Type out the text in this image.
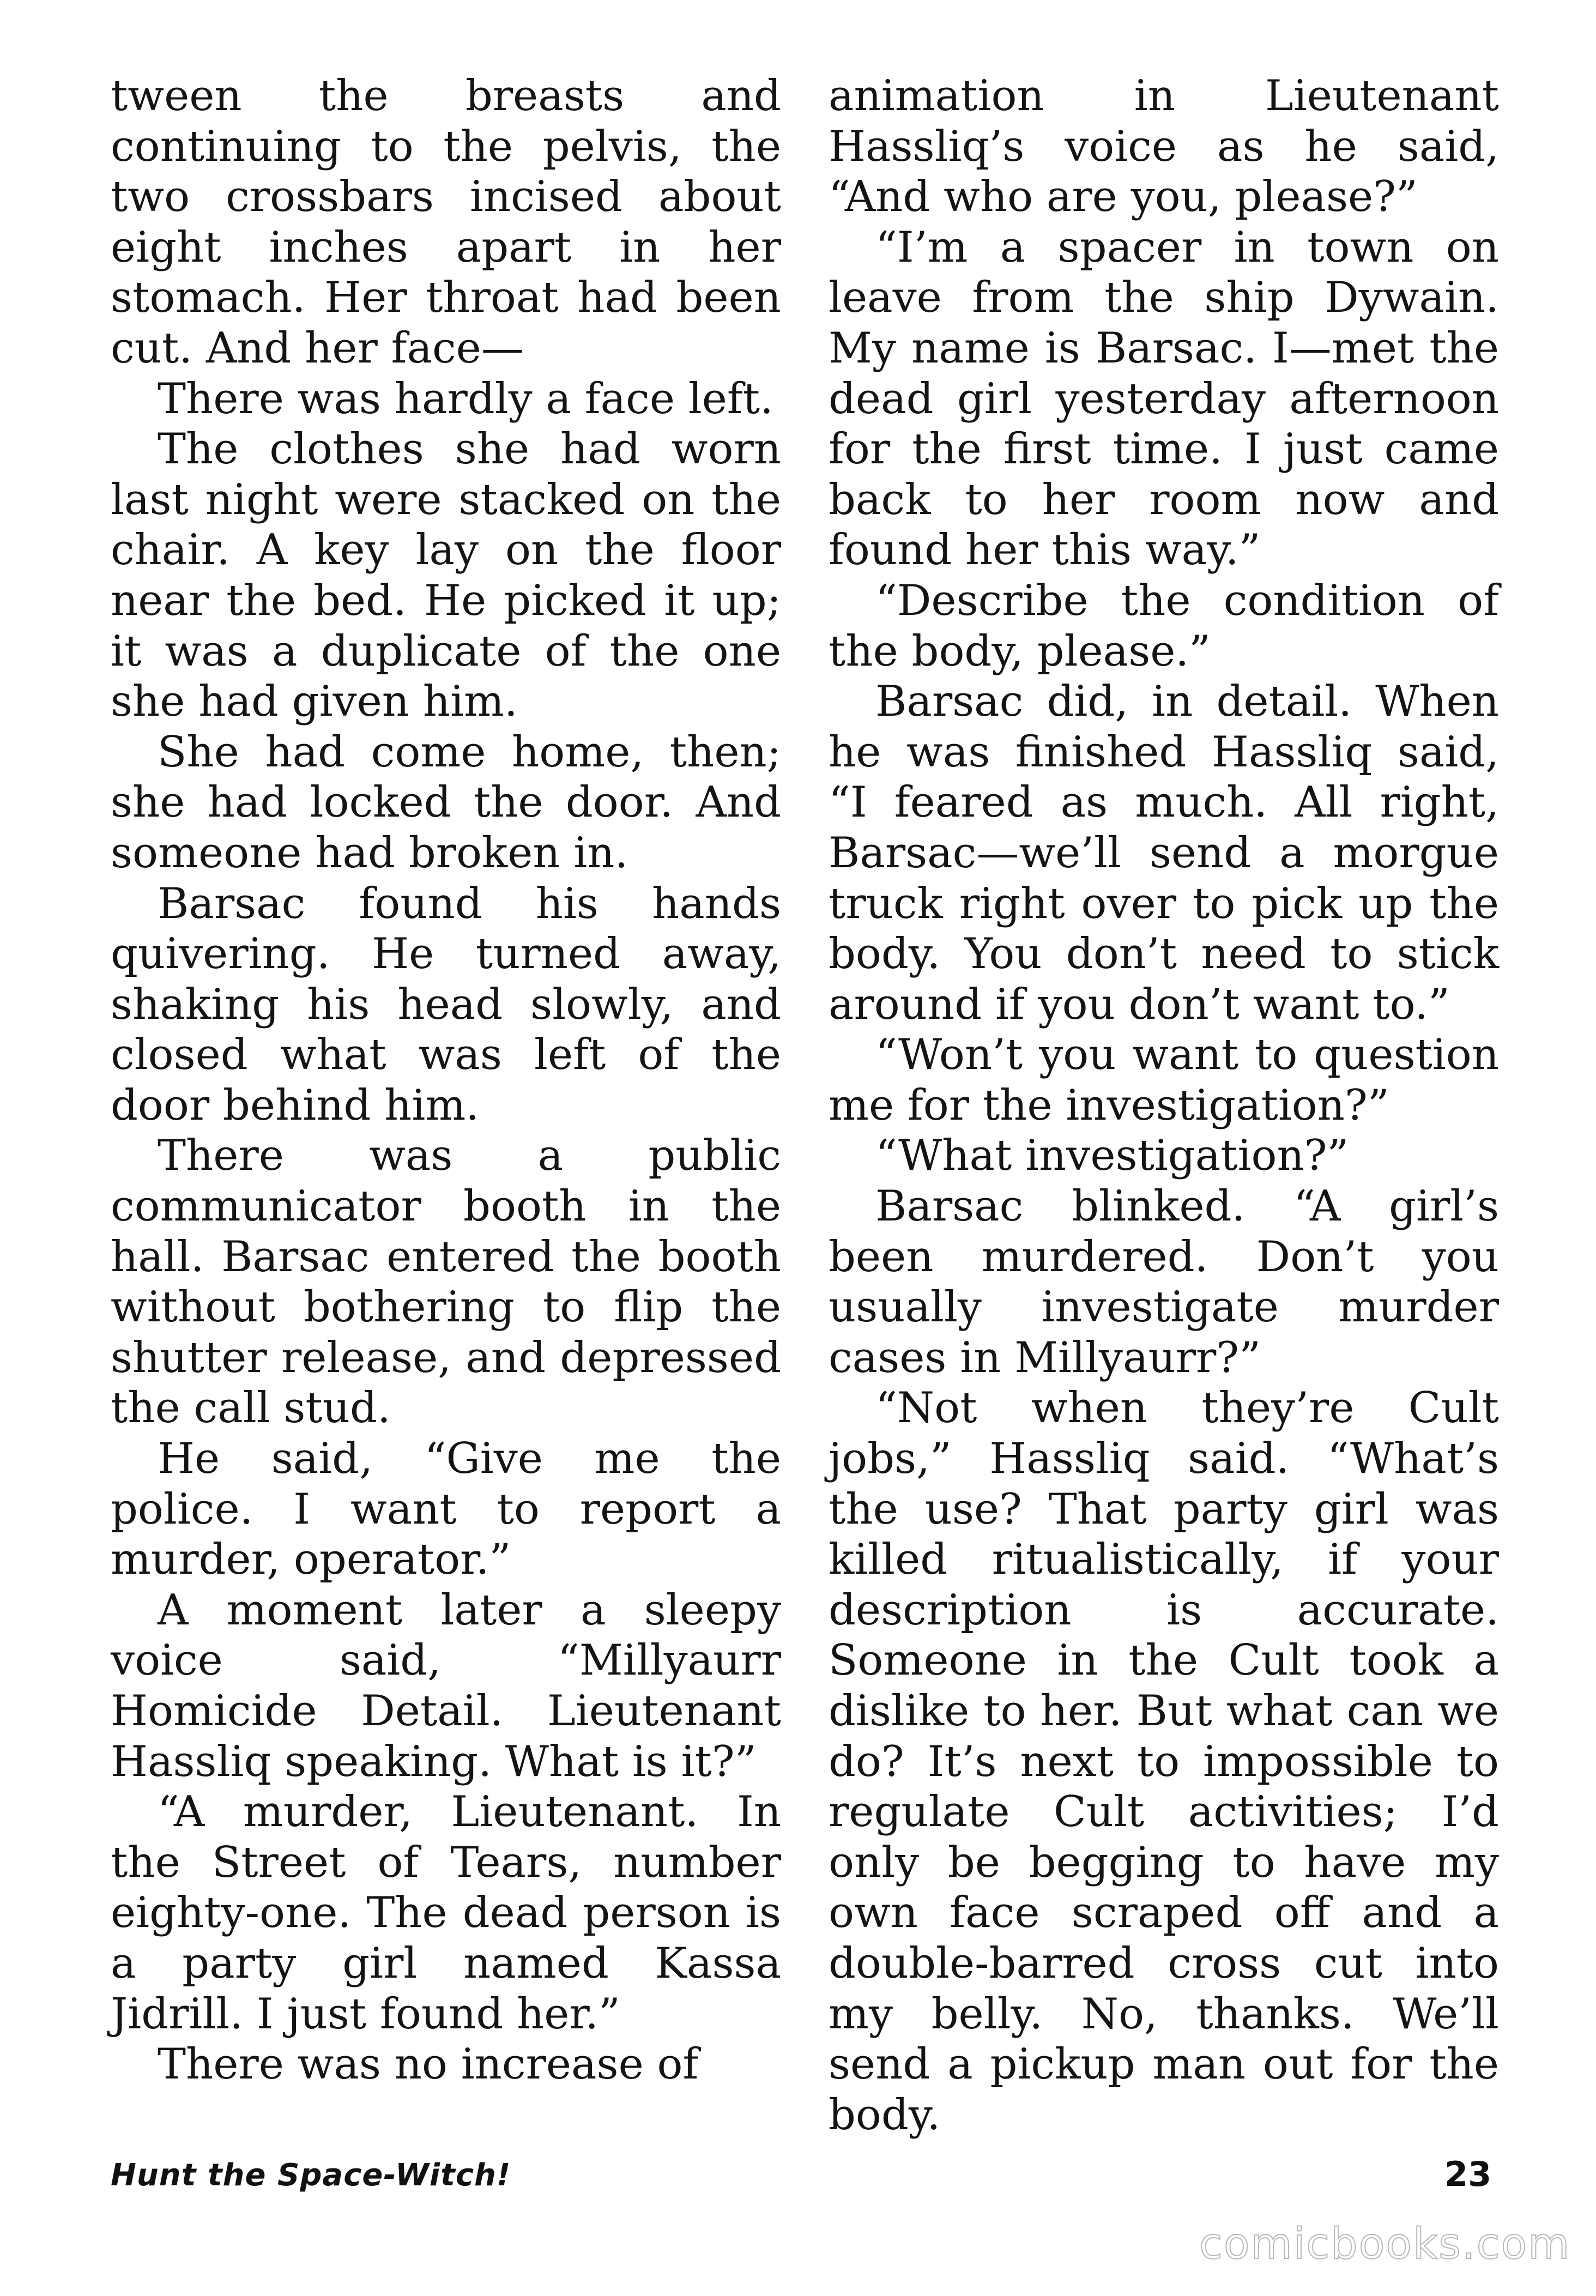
tween the breasts and continuing to the pelvis, the two crossbars incised about eight inches apart in her stomach. Her throat had been cut. And her face—

There was hardly a face left.

The clothes she had worn last night were stacked on the chair. A key lay on the floor near the bed. He picked it up; it was a duplicate of the one she had given him.

She had come home, then; she had locked the door. And someone had broken in.

Barsac found his hands quivering. He turned away, shaking his head slowly, and closed what was left of the door behind him.

There was a public communicator booth in the hall. Barsac entered the booth without bothering to flip the shutter release, and depressed the call stud.

He said, “Give me the police. I want to report a murder, operator.”

A moment later a sleepy voice said, “Millyaurr Homicide Detail. Lieutenant Hassliq speaking. What is it?”

“A murder, Lieutenant. In the Street of Tears, number eighty-one. The dead person is a party girl named Kassa Jidrill. I just found her.”

There was no increase of

animation in Lieutenant Hassliq’s voice as he said, “And who are you, please?”

“I’m a spacer in town on leave from the ship Dywain. My name is Barsac. I—met the dead girl yesterday afternoon for the first time. I just came back to her room now and found her this way.”

“Describe the condition of the body, please.”

Barsac did, in detail. When he was finished Hassliq said, “I feared as much. All right, Barsac—we’ll send a morgue truck right over to pick up the body. You don’t need to stick around if you don’t want to.”

“Won’t you want to question me for the investigation?”

“What investigation?”

Barsac blinked. “A girl’s been murdered. Don’t you usually investigate murder cases in Millyaurr?”

“Not when they’re Cult jobs,” Hassliq said. “What’s the use? That party girl was killed ritualistically, if your description is accurate. Someone in the Cult took a dislike to her. But what can we do? It’s next to impossible to regulate Cult activities; I’d only be begging to have my own face scraped off and a double-barred cross cut into my belly. No, thanks. We’ll send a pickup man out for the body.

Hunt the Space-Witch!	23
comicbooks.com
